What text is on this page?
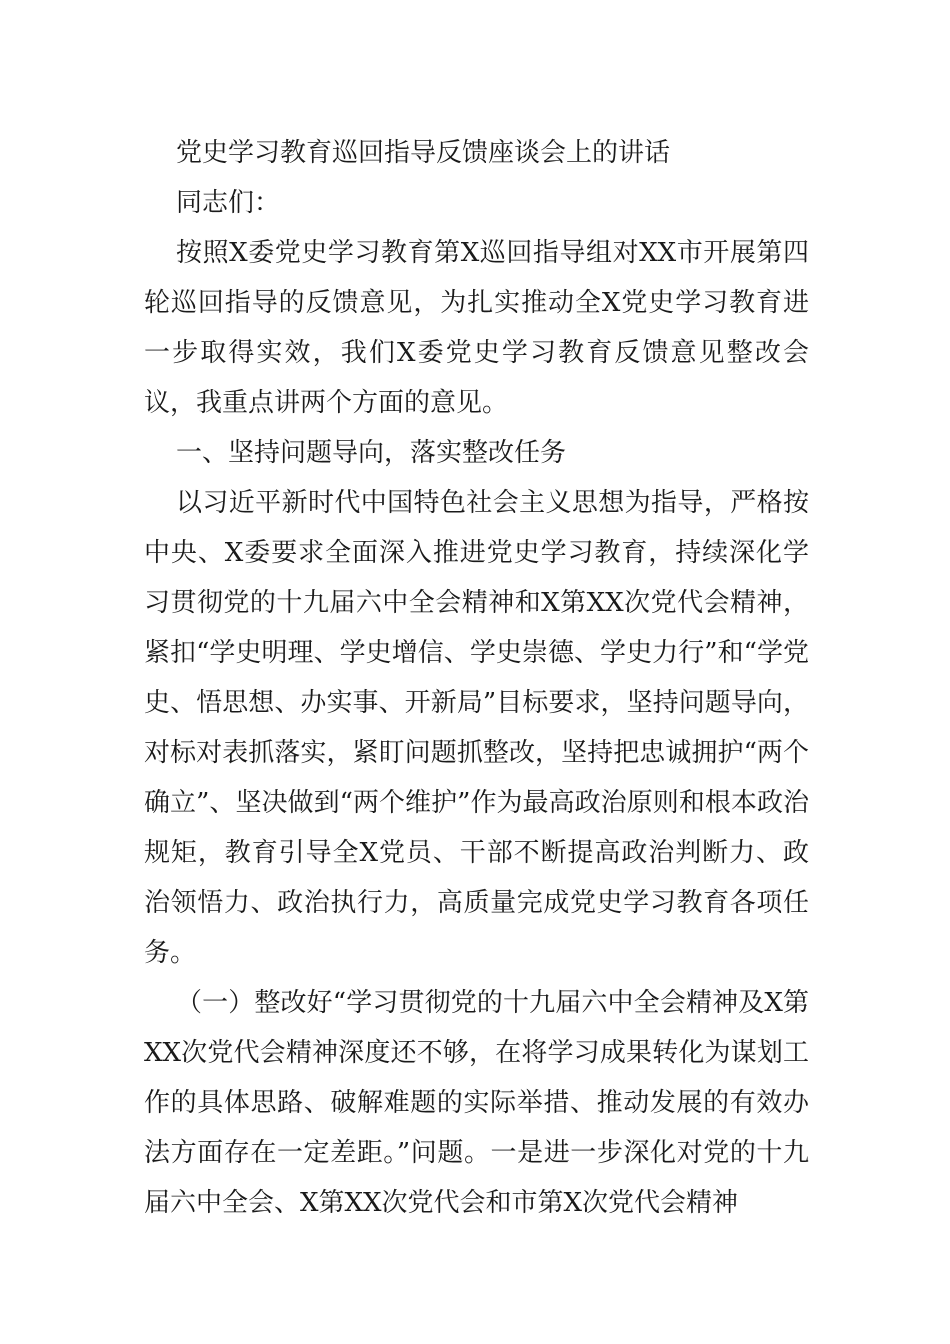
党史学习教育巡回指导反馈座谈会上的讲话

同志们：

按照X委党史学习教育第X巡回指导组对XX市开展第四轮巡回指导的反馈意见，为扎实推动全X党史学习教育进一步取得实效，我们X委党史学习教育反馈意见整改会议，我重点讲两个方面的意见。

一、坚持问题导向，落实整改任务

以习近平新时代中国特色社会主义思想为指导，严格按中央、X委要求全面深入推进党史学习教育，持续深化学习贯彻党的十九届六中全会精神和X第XX次党代会精神，紧扣“学史明理、学史增信、学史崇德、学史力行”和“学党史、悟思想、办实事、开新局”目标要求，坚持问题导向，对标对表抓落实，紧盯问题抓整改，坚持把忠诚拥护“两个确立”、坚决做到“两个维护”作为最高政治原则和根本政治规矩，教育引导全X党员、干部不断提高政治判断力、政治领悟力、政治执行力，高质量完成党史学习教育各项任务。

（一）整改好“学习贯彻党的十九届六中全会精神及X第XX次党代会精神深度还不够，在将学习成果转化为谋划工作的具体思路、破解难题的实际举措、推动发展的有效办法方面存在一定差距。”问题。一是进一步深化对党的十九届六中全会、X第XX次党代会和市第X次党代会精神
